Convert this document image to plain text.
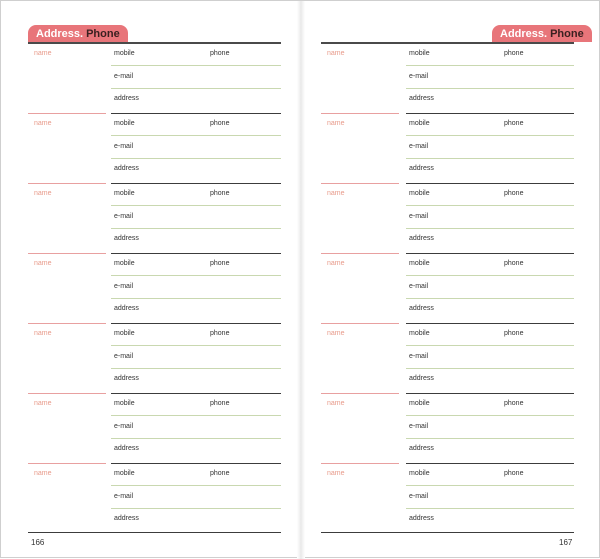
Address. Phone
name	mobile	phone
e-mail
address
name	mobile	phone
e-mail
address
name	mobile	phone
e-mail
address
name	mobile	phone
e-mail
address
name	mobile	phone
e-mail
address
name	mobile	phone
e-mail
address
name	mobile	phone
e-mail
address
166
Address. Phone
name	mobile	phone
e-mail
address
name	mobile	phone
e-mail
address
name	mobile	phone
e-mail
address
name	mobile	phone
e-mail
address
name	mobile	phone
e-mail
address
name	mobile	phone
e-mail
address
name	mobile	phone
e-mail
address
167
